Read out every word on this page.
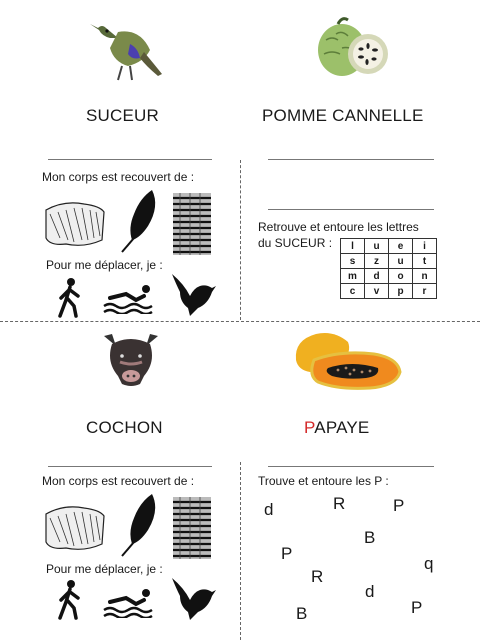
SUCEUR
Mon corps est recouvert de :
Pour me déplacer, je :
POMME CANNELLE
Retrouve et entoure les lettres
du SUCEUR : l	u	e	i
s	z	u	t
m	d	o	n
c	v	p	r
COCHON
Mon corps est recouvert de :
Pour me déplacer, je :
PAPAYE
Trouve et entoure les P :
d	R	P
B
P
q
R
d
B	P
